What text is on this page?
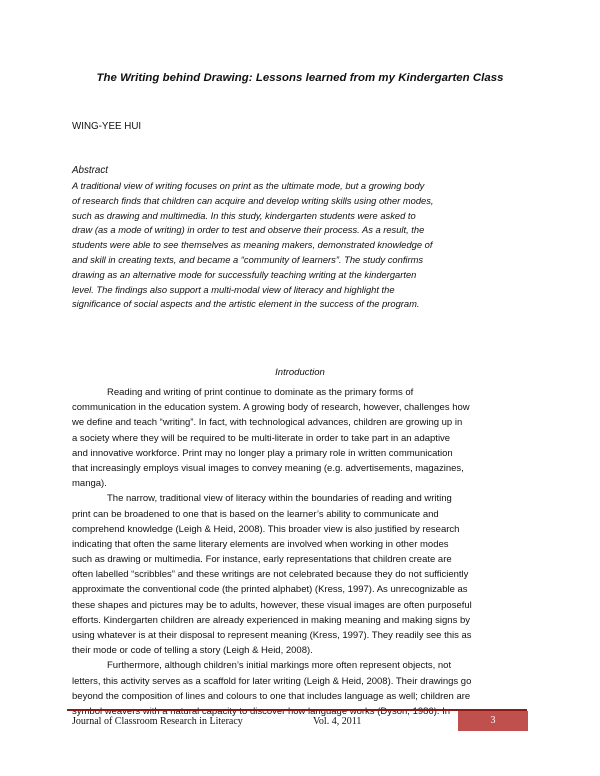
The Writing behind Drawing: Lessons learned from my Kindergarten Class
WING-YEE HUI
Abstract
A traditional view of writing focuses on print as the ultimate mode, but a growing body
of research finds that children can acquire and develop writing skills using other modes,
such as drawing and multimedia. In this study, kindergarten students were asked to
draw (as a mode of writing) in order to test and observe their process. As a result, the
students were able to see themselves as meaning makers, demonstrated knowledge of
and skill in creating texts, and became a “community of learners”. The study confirms
drawing as an alternative mode for successfully teaching writing at the kindergarten
level. The findings also support a multi-modal view of literacy and highlight the
significance of social aspects and the artistic element in the success of the program.
Introduction
Reading and writing of print continue to dominate as the primary forms of
communication in the education system. A growing body of research, however, challenges how
we define and teach “writing”. In fact, with technological advances, children are growing up in
a society where they will be required to be multi-literate in order to take part in an adaptive
and innovative workforce. Print may no longer play a primary role in written communication
that increasingly employs visual images to convey meaning (e.g. advertisements, magazines,
manga).
The narrow, traditional view of literacy within the boundaries of reading and writing
print can be broadened to one that is based on the learner’s ability to communicate and
comprehend knowledge (Leigh & Heid, 2008). This broader view is also justified by research
indicating that often the same literary elements are involved when working in other modes
such as drawing or multimedia. For instance, early representations that children create are
often labelled “scribbles” and these writings are not celebrated because they do not sufficiently
approximate the conventional code (the printed alphabet) (Kress, 1997). As unrecognizable as
these shapes and pictures may be to adults, however, these visual images are often purposeful
efforts. Kindergarten children are already experienced in making meaning and making signs by
using whatever is at their disposal to represent meaning (Kress, 1997). They readily see this as
their mode or code of telling a story (Leigh & Heid, 2008).
Furthermore, although children’s initial markings more often represent objects, not
letters, this activity serves as a scaffold for later writing (Leigh & Heid, 2008). Their drawings go
beyond the composition of lines and colours to one that includes language as well; children are
symbol weavers with a natural capacity to discover how language works (Dyson, 1986). In
Journal of Classroom Research in Literacy	Vol. 4, 2011	3
